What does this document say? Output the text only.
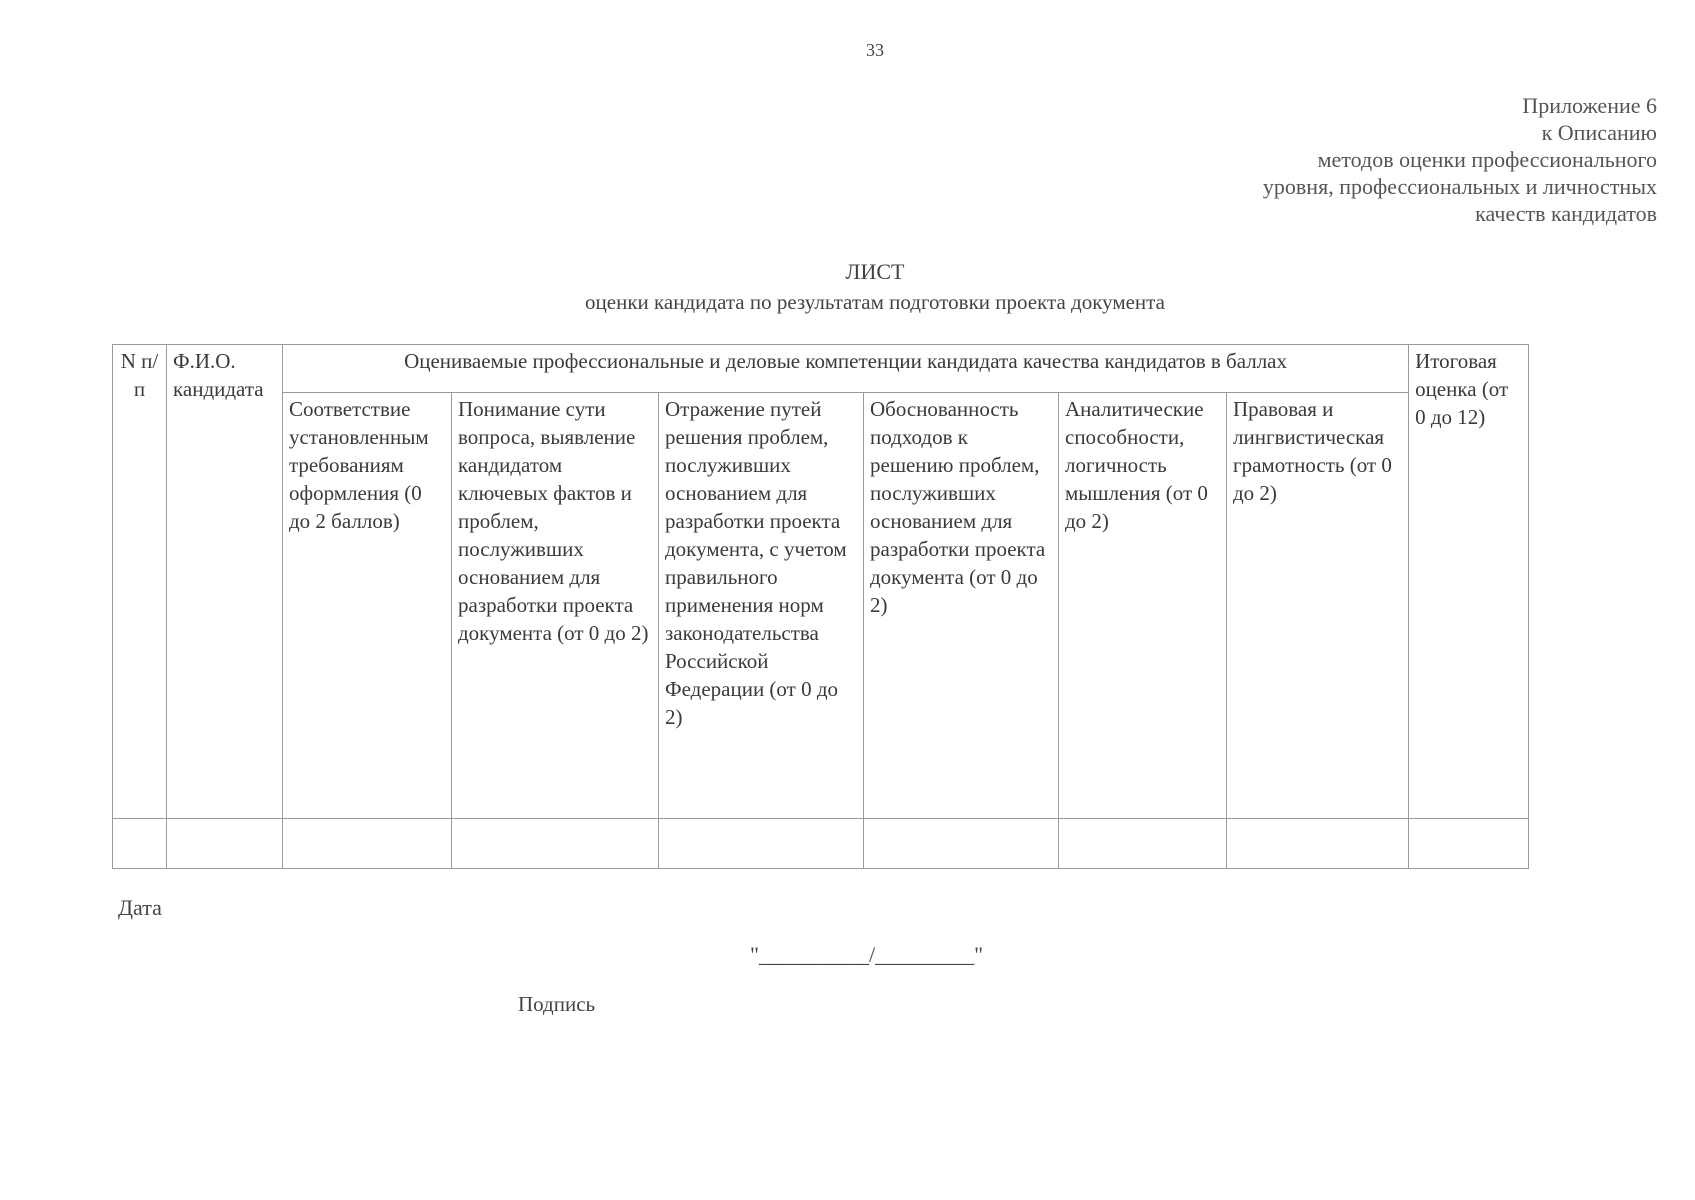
33
Приложение 6
к Описанию
методов оценки профессионального
уровня, профессиональных и личностных
качеств кандидатов
ЛИСТ
оценки кандидата по результатам подготовки проекта документа
N п/п	Ф.И.О. кандидата	Оцениваемые профессиональные и деловые компетенции кандидата качества кандидатов в баллах						Итоговая оценка (от 0 до 12)
		Соответствие установленным требованиям оформления (0 до 2 баллов)	Понимание сути вопроса, выявление кандидатом ключевых фактов и проблем, послуживших основанием для разработки проекта документа (от 0 до 2)	Отражение путей решения проблем, послуживших основанием для разработки проекта документа, с учетом правильного применения норм законодательства Российской Федерации (от 0 до 2)	Обоснованность подходов к решению проблем, послуживших основанием для разработки проекта документа (от 0 до 2)	Аналитические способности, логичность мышления (от 0 до 2)	Правовая и лингвистическая грамотность (от 0 до 2)	

Дата
"__________/_________"
Подпись
